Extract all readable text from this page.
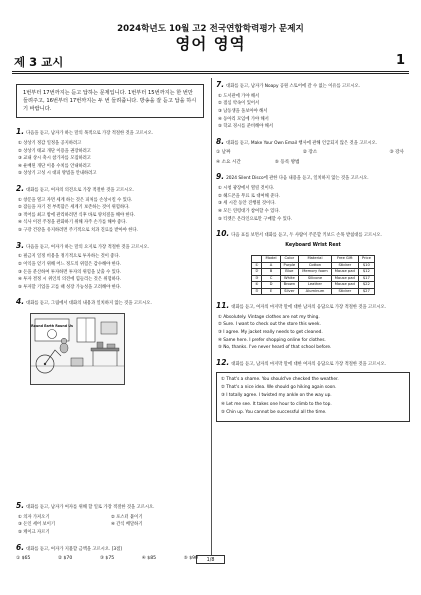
2024학년도 10월 고2 전국연합학력평가 문제지
영어 영역
제 3 교시	1
1번부터 17번까지는 듣고 답하는 문제입니다. 1번부터 15번까지는 한 번만 들려주고, 16번부터 17번까지는 두 번 들려줍니다. 방송을 잘 듣고 답을 하시기 바랍니다.
1. 다음을 듣고, 남자가 하는 말의 목적으로 가장 적절한 것을 고르시오.
① 상상기 정감 일정을 공지하려고
② 상상기 태교 개단 이용을 권장하려고
③ 교내 상시 축시 참가자를 모집하려고
④ 운배된 개단 이용 수치를 안내하려고
⑤ 상상기 고성 시 대피 방법을 안내하려고
2. 대화를 듣고, 여자의 의견으로 가장 적절한 것을 고르시오.
① 창문을 열고 자면 세계 하는 것은 피처를 손상시킬 수 있다.
② 잠들을 자기 전 부족함은 세계기 보존하는 것이 위험하다.
③ 적어를 최고 밤에 관리하려면 식후 바로 양치질을 해야 한다.
④ 식사 이전 주정을 관화하기 위해 자주 손가를 해야 좋다.
⑤ 구강 건강을 유지하려면 주기적으로 치과 진료를 받아야 한다.
3. 다음을 듣고, 여자가 하는 말의 요지로 가장 적절한 것을 고르시오.
① 필금지 일정 비용을 정기적으로 투자하는 것이 좋다.
② 이익을 얻기 위해 어느 정도의 위험은 감수해야 한다.
③ 돈을 분산하여 투자하면 투자의 위험을 낮출 수 있다.
④ 투자 결정 시 위인의 의견에 힘들리는 것은 위험하다.
⑤ 투자할 기업을 고를 때 성장 가능성을 고려해야 한다.
4. 대화를 듣고, 그림에서 대화의 내용과 일치하지 않는 것을 고르시오.
Round Earth Round Us
5. 대화를 듣고, 남자가 여자를 위해 할 일로 가장 적절한 것을 고르시오.
① 의자 가져오기	② 포스터 붙이기
③ 돈인 세어 보이기	④ 간식 배달하기
⑤ 케이크 자르기
6. 대화를 듣고, 여자가 지불할 금액을 고르시오. [3점]
① $65	② $70	③ $75	④ $85	⑤ $90
7. 대화를 듣고, 남자가 Noapy 공원 스토어에 갈 수 없는 이유를 고르시오.
① 도서관에 가야 해서
② 점심 약속이 있어서
③ 남동생을 돌보아야 해서
④ 동아리 모임에 가야 해서
⑤ 학교 경시를 준비해야 해서
8. 대화를 듣고, Make Your Own Email 행사에 관해 언급되지 않은 것을 고르시오.
① 날짜	② 장소	③ 강사
④ 소요 시간	⑤ 등록 방법
9. 2024 Silent Disco에 관한 다음 내용을 듣고, 일치하지 않는 것을 고르시오.
① 시청 광장에서 열릴 것이다.
② 헤드폰을 무료 로 대여해 준다.
③ 세 시간 동안 진행될 것이다.
④ 모든 연령대가 참여할 수 있다.
⑤ 티켓은 온라인으로만 구매할 수 있다.
10. 다음 표를 보면서 대화를 듣고, 두 사람이 주문할 키보드 손목 받침대를 고르시오.
Keyboard Wrist Rest
	Model	Color	Material	Free Gift	Price
①	A	Purple	Cotton	Sticker	$10
②	B	Blue	Memory foam	Mouse pad	$12
③	C	White	Silicone	Mouse pad	$17
④	D	Brown	Leather	Mouse pad	$22
⑤	E	Silver	Aluminum	Sticker	$27
11. 대화를 듣고, 여자의 마지막 말에 대한 남자의 응답으로 가장 적절한 것을 고르시오.
① Absolutely. Vintage clothes are not my thing.
② Sure. I want to check out the store this week.
③ I agree. My jacket really needs to get cleaned.
④ Same here. I prefer shopping online for clothes.
⑤ No, thanks. I've never heard of that school before.
12. 대화를 듣고, 남자의 마지막 말에 대한 여자의 응답으로 가장 적절한 것을 고르시오.
① That's a shame. You should've checked the weather.
② That's a nice idea. We should go hiking again soon.
③ I totally agree. I twisted my ankle on the way up.
④ Let me see. It takes one hour to climb to the top.
⑤ Chin up. You cannot be successful all the time.
1/8
